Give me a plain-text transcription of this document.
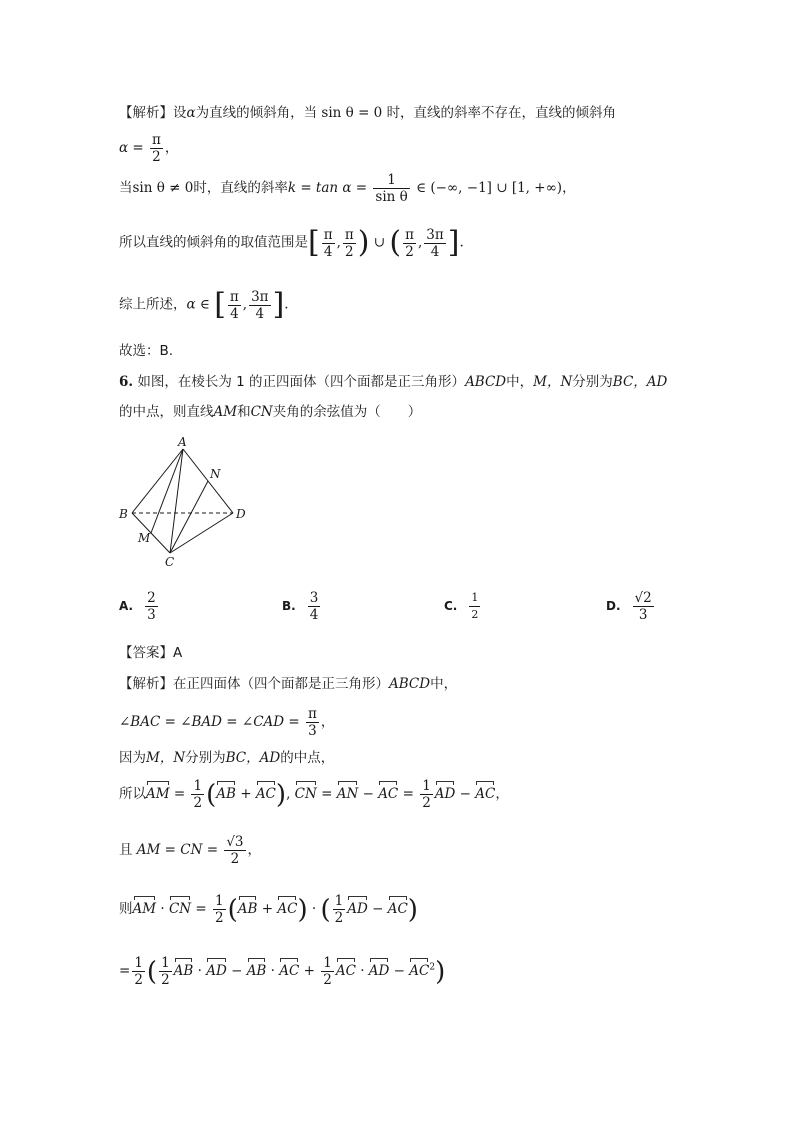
【解析】设α为直线的倾斜角，当 sin θ = 0 时，直线的斜率不存在，直线的倾斜角
$\alpha = \frac{\pi}{2}$ ，
当sin θ ≠ 0时，直线的斜率$k = \tan \alpha = \frac{1}{\text{sin θ}}$ ∈ (−∞, −1] ∪ [1, +∞)，
所以直线的倾斜角的取值范围是[ $\frac{\pi}{4}$ , $\frac{\pi}{2}$ ) ∪ ( $\frac{\pi}{2}$ , $\frac{3\pi}{4}$ ].
综上所述，α ∈ [ $\frac{\pi}{4}$ , $\frac{3\pi}{4}$ ].
故选：B.
6. 如图，在棱长为 1 的正四面体（四个面都是正三角形）ABCD中，M，N分别为BC，AD
的中点，则直线AM和CN夹角的余弦值为（　　）
A
B
C
D
M
N
A. $\frac{2}{3}$	B. $\frac{3}{4}$	C. $\frac{1}{2}$	D. $\frac{√2}{3}$
【答案】A
【解析】在正四面体（四个面都是正三角形）ABCD中，
∠BAC = ∠BAD = ∠CAD = $\frac{\pi}{3}$ ，
因为M，N分别为BC，AD的中点，
所以AM = $\frac{1}{2} (AB + AC)$, CN = AN − AC = $\frac{1}{2}$ AD − AC，
且 AM = CN = $\frac{√3}{2}$ ，
则AM · CN = $\frac{1}{2} (AB + AC)$ · ( $\frac{1}{2}$ AD − AC)
= $\frac{1}{2}$ ( $\frac{1}{2}$ AB · AD − AB · AC + $\frac{1}{2}$ AC · AD − $AC^2$)
